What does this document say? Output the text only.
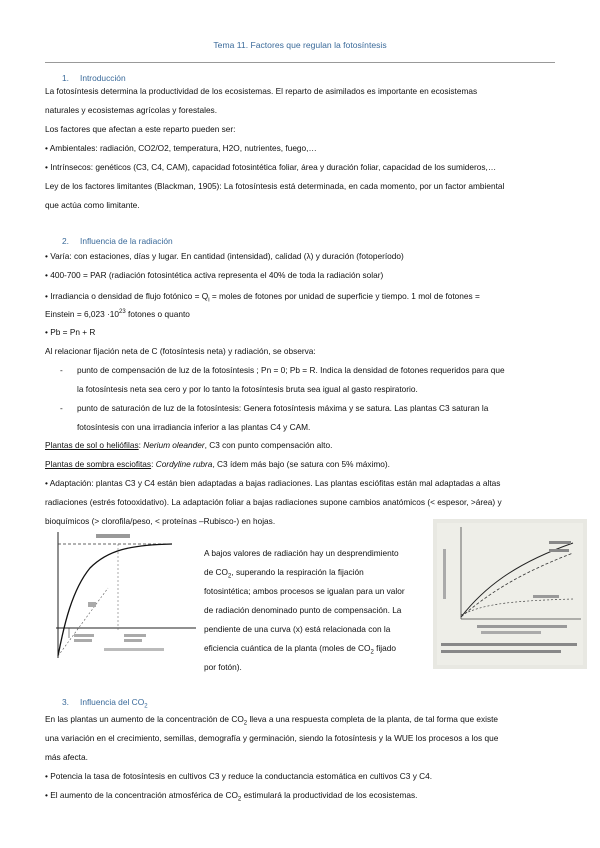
Tema 11. Factores que regulan la fotosíntesis
1. Introducción
La fotosíntesis determina la productividad de los ecosistemas. El reparto de asimilados es importante en ecosistemas
naturales y ecosistemas agrícolas y forestales.
Los factores que afectan a este reparto pueden ser:
• Ambientales: radiación, CO2/O2, temperatura, H2O, nutrientes, fuego,…
• Intrínsecos: genéticos (C3, C4, CAM), capacidad fotosintética foliar, área y duración foliar, capacidad de los sumideros,…
Ley de los factores limitantes (Blackman, 1905): La fotosíntesis está determinada, en cada momento, por un factor ambiental
que actúa como limitante.
2. Influencia de la radiación
• Varía: con estaciones, días y lugar. En cantidad (intensidad), calidad (λ) y duración (fotoperíodo)
• 400-700 = PAR (radiación fotosintética activa representa el 40% de toda la radiación solar)
• Irradiancia o densidad de flujo fotónico = $Q_i$ = moles de fotones por unidad de superficie y tiempo. 1 mol de fotones =
Einstein = $6,023 \cdot 10^{23}$ fotones o quanto
• Pb = Pn + R
Al relacionar fijación neta de C (fotosíntesis neta) y radiación, se observa:
- punto de compensación de luz de la fotosíntesis ; Pn = 0; Pb = R. Indica la densidad de fotones requeridos para que
la fotosíntesis neta sea cero y por lo tanto la fotosíntesis bruta sea igual al gasto respiratorio.
- punto de saturación de luz de la fotosíntesis: Genera fotosíntesis máxima y se satura. Las plantas C3 saturan la
fotosíntesis con una irradiancia inferior a las plantas C4 y CAM.
Plantas de sol o heliófilas: Nerium oleander, C3 con punto compensación alto.
Plantas de sombra esciofitas: Cordyline rubra, C3 ídem más bajo (se satura con 5% máximo).
• Adaptación: plantas C3 y C4 están bien adaptadas a bajas radiaciones. Las plantas esciófitas están mal adaptadas a altas
radiaciones (estrés fotooxidativo). La adaptación foliar a bajas radiaciones supone cambios anatómicos (< espesor, >área) y
bioquímicos (> clorofila/peso, < proteínas –Rubisco-) en hojas.
A bajos valores de radiación hay un desprendimiento
de $CO_2$, superando la respiración la fijación
fotosintética; ambos procesos se igualan para un valor
de radiación denominado punto de compensación. La
pendiente de una curva (x) está relacionada con la
eficiencia cuántica de la planta (moles de $CO_2$ fijado
por fotón).
3. Influencia del $CO_2$
En las plantas un aumento de la concentración de $CO_2$ lleva a una respuesta completa de la planta, de tal forma que existe
una variación en el crecimiento, semillas, demografía y germinación, siendo la fotosíntesis y la WUE los procesos a los que
más afecta.
• Potencia la tasa de fotosíntesis en cultivos C3 y reduce la conductancia estomática en cultivos C3 y C4.
• El aumento de la concentración atmosférica de $CO_2$ estimulará la productividad de los ecosistemas.
